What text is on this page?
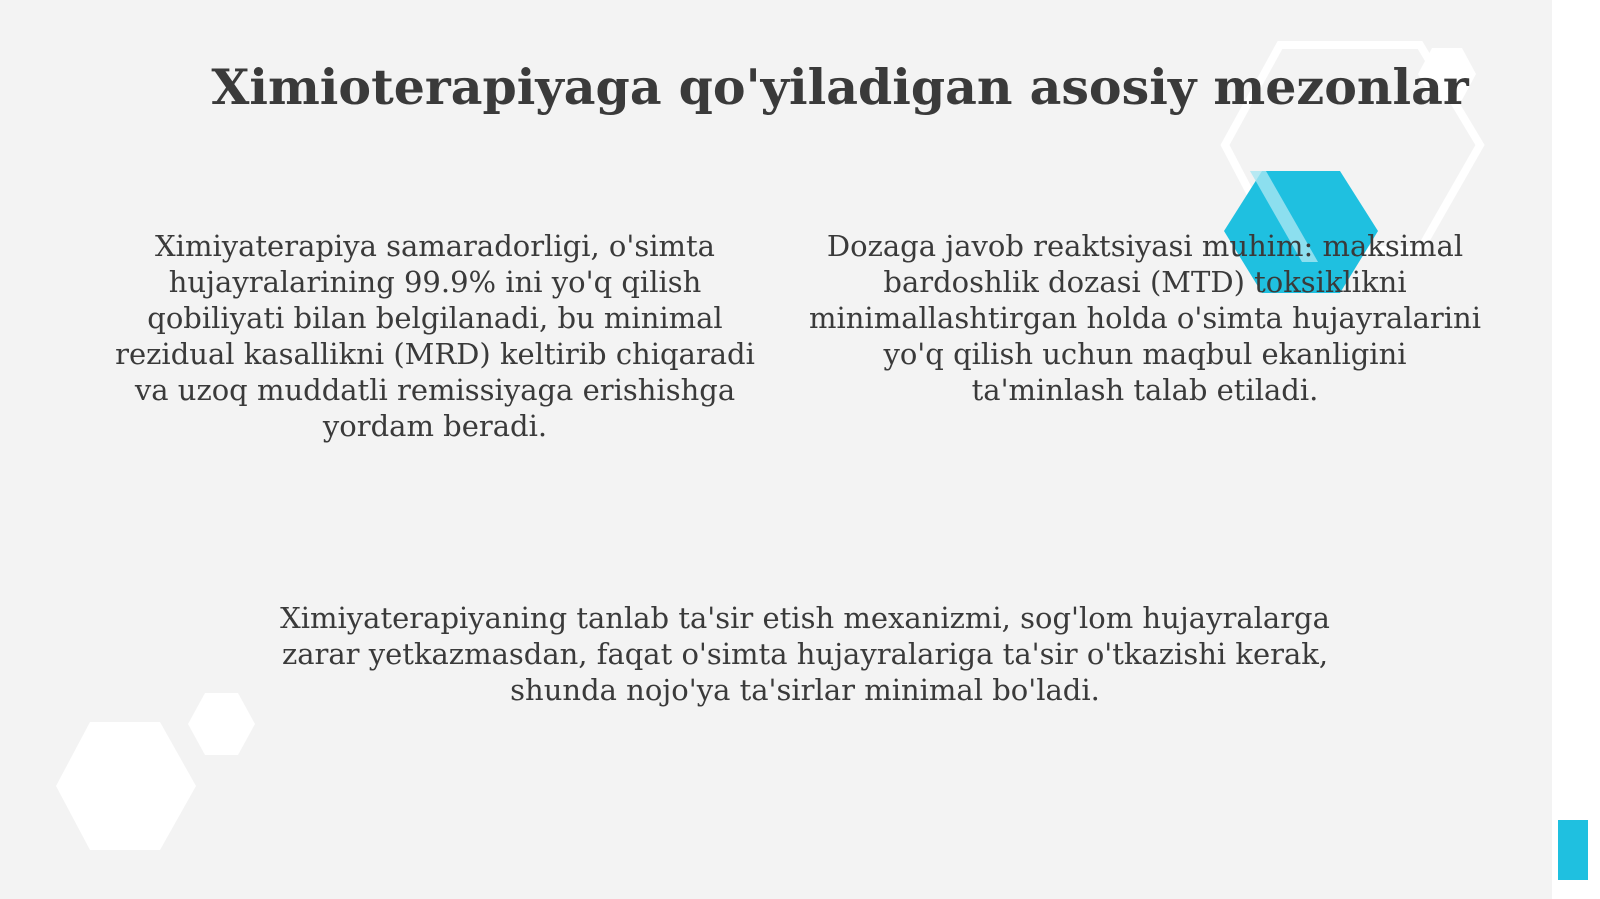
Ximioterapiyaga qo'yiladigan asosiy mezonlar
Ximiyaterapiya samaradorligi, o'simta hujayralarining 99.9% ini yo'q qilish qobiliyati bilan belgilanadi, bu minimal rezidual kasallikni (MRD) keltirib chiqaradi va uzoq muddatli remissiyaga erishishga yordam beradi.
Dozaga javob reaktsiyasi muhim: maksimal bardoshlik dozasi (MTD) toksiklikni minimallashtirgan holda o'simta hujayralarini yo'q qilish uchun maqbul ekanligini ta'minlash talab etiladi.
Ximiyaterapiyaning tanlab ta'sir etish mexanizmi, sog'lom hujayralarga zarar yetkazmasdan, faqat o'simta hujayralariga ta'sir o'tkazishi kerak, shunda nojo'ya ta'sirlar minimal bo'ladi.
